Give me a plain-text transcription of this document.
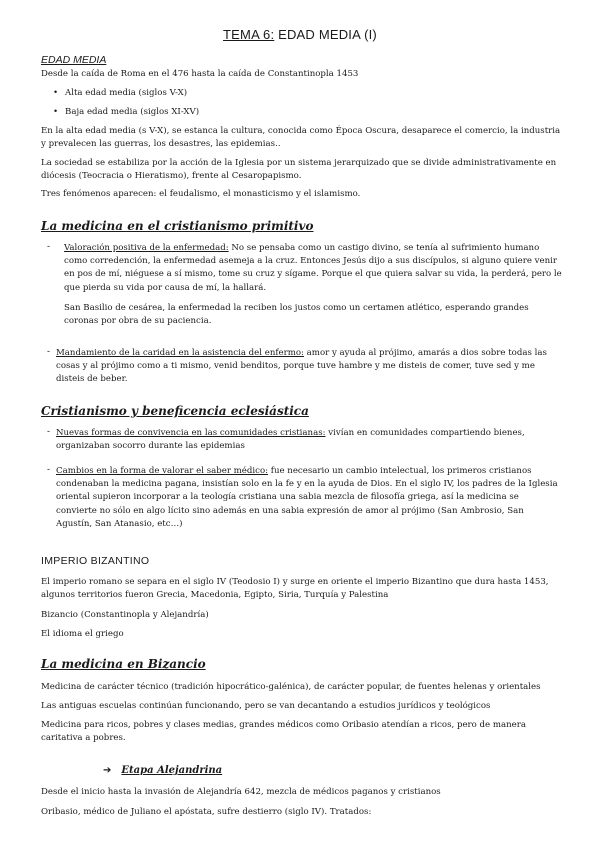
TEMA 6: EDAD MEDIA (I)
EDAD MEDIA
Desde la caída de Roma en el 476 hasta la caída de Constantinopla 1453
• Alta edad media (siglos V-X)
• Baja edad media (siglos XI-XV)
En la alta edad media (s V-X), se estanca la cultura, conocida como Época Oscura, desaparece el comercio, la industria y prevalecen las guerras, los desastres, las epidemias..
La sociedad se estabiliza por la acción de la Iglesia por un sistema jerarquizado que se divide administrativamente en diócesis (Teocracia o Hieratismo), frente al Cesaropapismo.
Tres fenómenos aparecen: el feudalismo, el monasticismo y el islamismo.
La medicina en el cristianismo primitivo
- Valoración positiva de la enfermedad: No se pensaba como un castigo divino, se tenía al sufrimiento humano como corredención, la enfermedad asemeja a la cruz. Entonces Jesús dijo a sus discípulos, si alguno quiere venir en pos de mí, niéguese a sí mismo, tome su cruz y sígame. Porque el que quiera salvar su vida, la perderá, pero le que pierda su vida por causa de mí, la hallará.
San Basilio de cesárea, la enfermedad la reciben los justos como un certamen atlético, esperando grandes coronas por obra de su paciencia.
- Mandamiento de la caridad en la asistencia del enfermo: amor y ayuda al prójimo, amarás a dios sobre todas las cosas y al prójimo como a ti mismo, venid benditos, porque tuve hambre y me disteis de comer, tuve sed y me disteis de beber.
Cristianismo y beneficencia eclesiástica
- Nuevas formas de convivencia en las comunidades cristianas: vivían en comunidades compartiendo bienes, organizaban socorro durante las epidemias
- Cambios en la forma de valorar el saber médico: fue necesario un cambio intelectual, los primeros cristianos condenaban la medicina pagana, insistían solo en la fe y en la ayuda de Dios. En el siglo IV, los padres de la Iglesia oriental supieron incorporar a la teología cristiana una sabia mezcla de filosofía griega, así la medicina se convierte no sólo en algo lícito sino además en una sabia expresión de amor al prójimo (San Ambrosio, San Agustín, San Atanasio, etc…)
IMPERIO BIZANTINO
El imperio romano se separa en el siglo IV (Teodosio I) y surge en oriente el imperio Bizantino que dura hasta 1453, algunos territorios fueron Grecia, Macedonia, Egipto, Siria, Turquía y Palestina
Bizancio (Constantinopla y Alejandría)
El idioma el griego
La medicina en Bizancio
Medicina de carácter técnico (tradición hipocrático-galénica), de carácter popular, de fuentes helenas y orientales
Las antiguas escuelas continúan funcionando, pero se van decantando a estudios jurídicos y teológicos
Medicina para ricos, pobres y clases medias, grandes médicos como Oribasio atendían a ricos, pero de manera caritativa a pobres.
➔ Etapa Alejandrina
Desde el inicio hasta la invasión de Alejandría 642, mezcla de médicos paganos y cristianos
Oribasio, médico de Juliano el apóstata, sufre destierro (siglo IV). Tratados:
